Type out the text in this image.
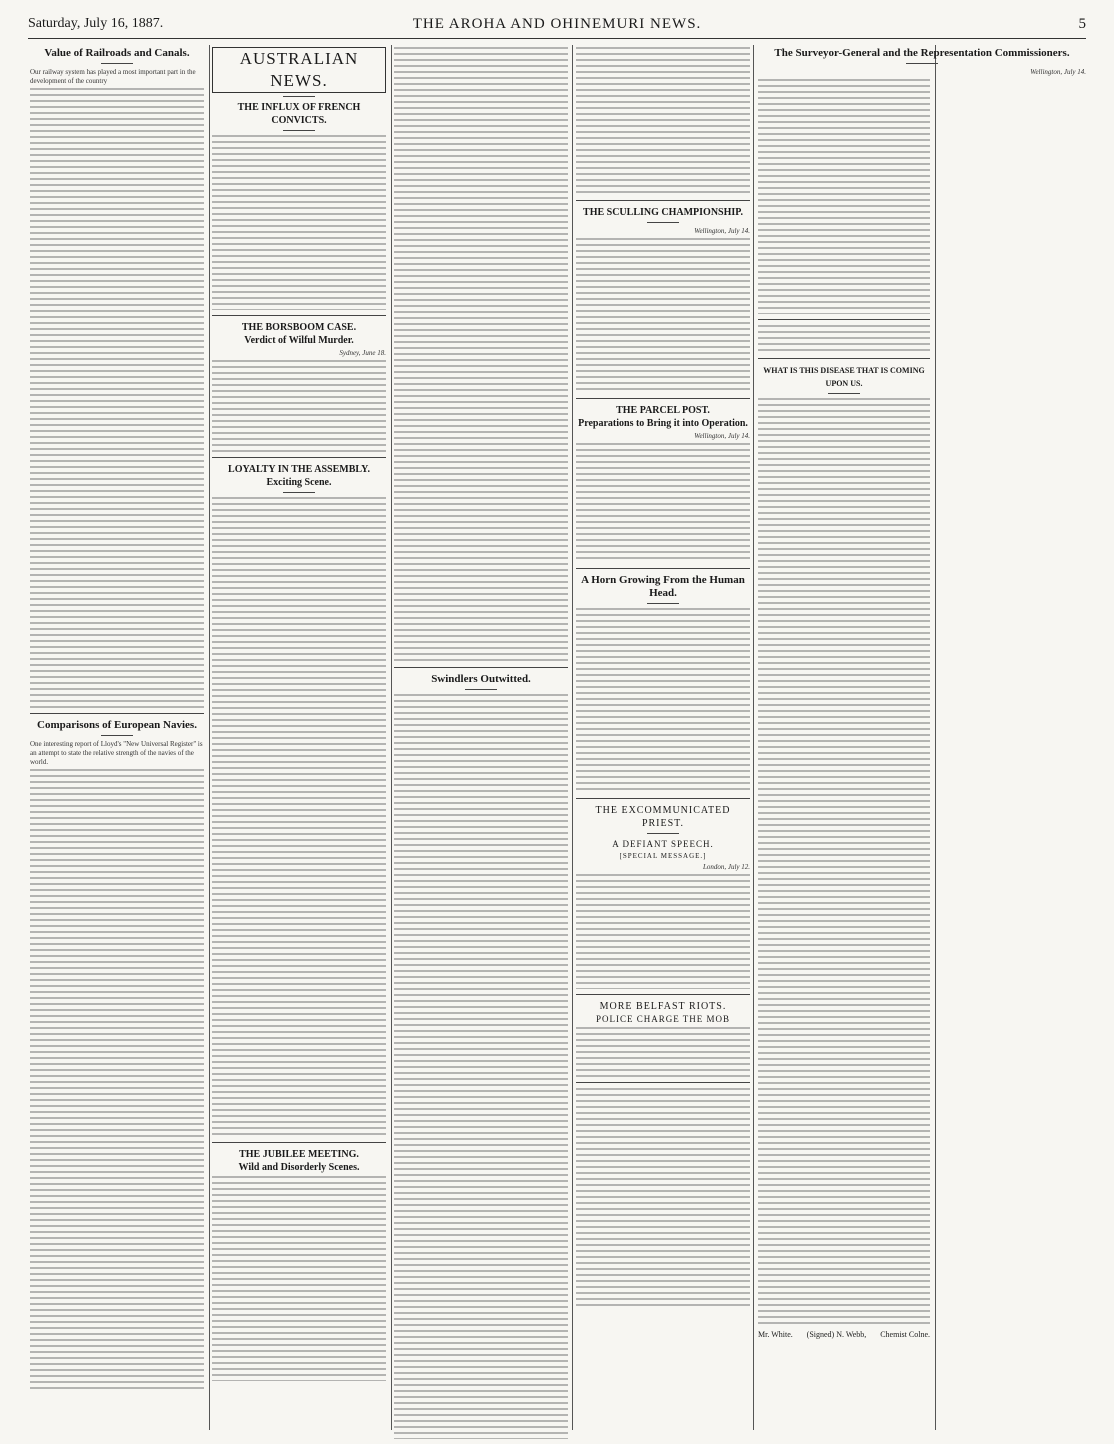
Saturday, July 16, 1887.	THE AROHA AND OHINEMURI NEWS.	5
Value of Railroads and Canals.
Our railway system has played a most important part in the development of the country
Comparisons of European Navies.
One interesting report of Lloyd's "New Universal Register" is an attempt to state the relative strength of the navies of the world.
AUSTRALIAN NEWS.
THE INFLUX OF FRENCH CONVICTS.
THE BORSBOOM CASE.
Verdict of Wilful Murder.
Sydney, June 18.
LOYALTY IN THE ASSEMBLY.
Exciting Scene.
THE JUBILEE MEETING.
Wild and Disorderly Scenes.
Swindlers Outwitted.
THE SCULLING CHAMPIONSHIP.
Wellington, July 14.
THE PARCEL POST.
Preparations to Bring it into Operation.
Wellington, July 14.
A Horn Growing From the Human Head.
THE EXCOMMUNICATED PRIEST.
A DEFIANT SPEECH.
[SPECIAL MESSAGE.]
London, July 12.
MORE BELFAST RIOTS.
POLICE CHARGE THE MOB
The Surveyor-General and the Representation Commissioners.
Wellington, July 14.
WHAT IS THIS DISEASE THAT IS COMING UPON US.
Mr. White. (Signed) N. Webb, Chemist Colne.
